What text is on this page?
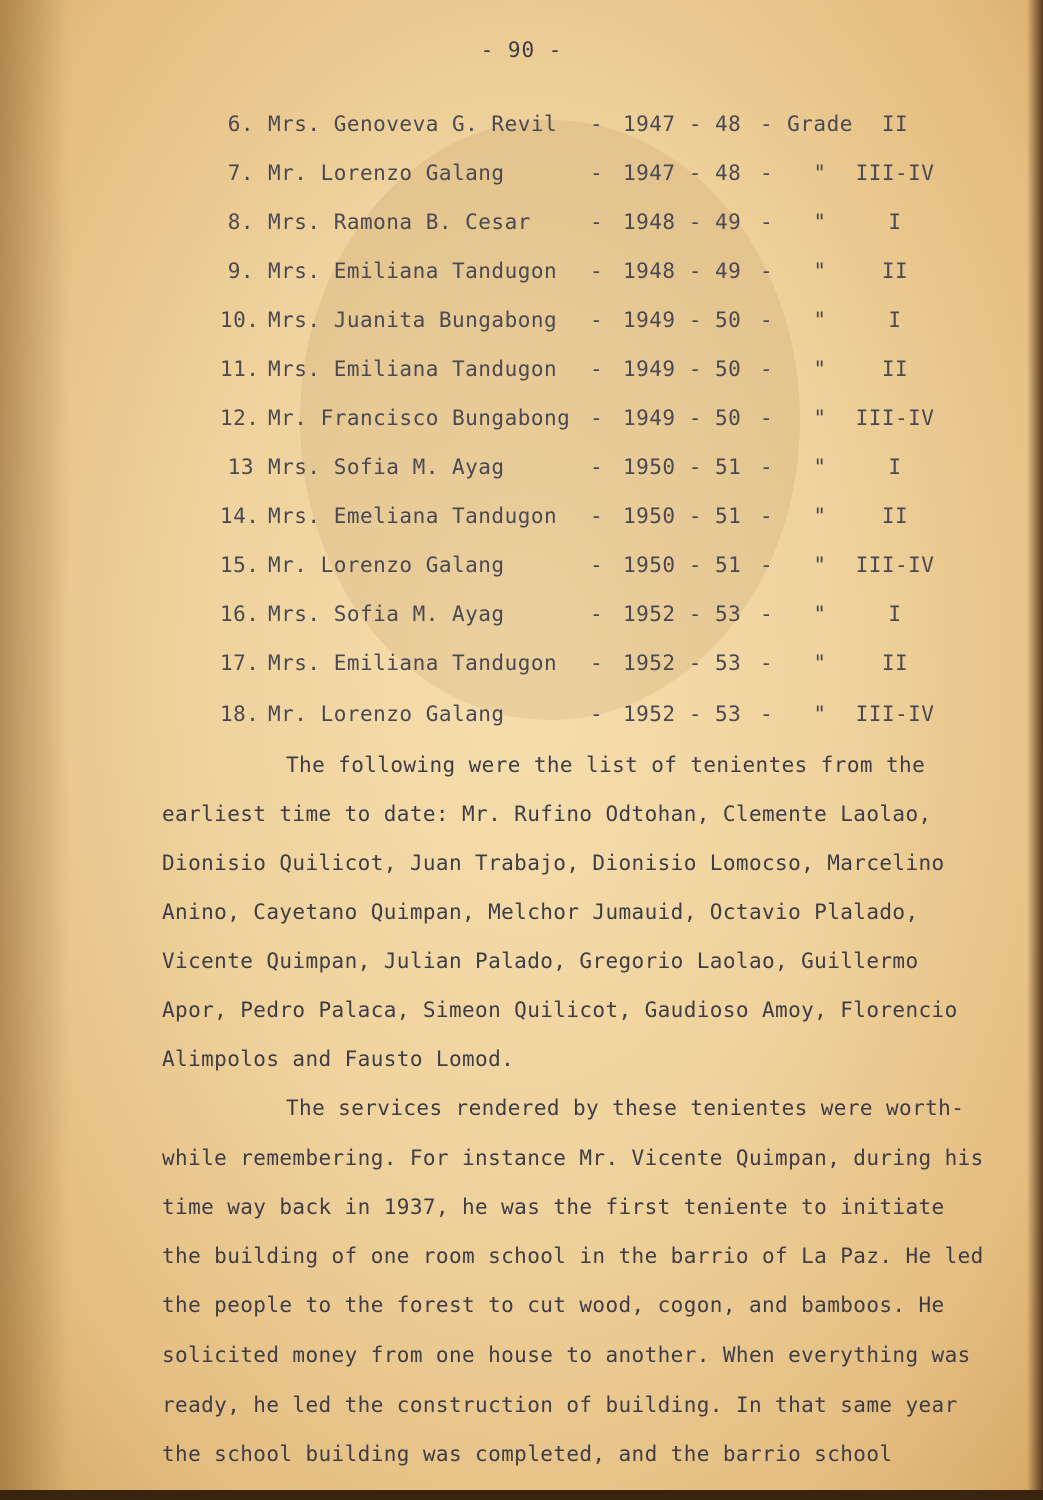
- 90 -
6. Mrs. Genoveva G. Revil - 1947 - 48 - Grade	II
7. Mr. Lorenzo Galang	- 1947 - 48 -	"	III-IV
8. Mrs. Ramona B. Cesar	- 1948 - 49 -	"	I
9. Mrs. Emiliana Tandugon - 1948 - 49 -	"	II
10. Mrs. Juanita Bungabong - 1949 - 50 -	"	I
11. Mrs. Emiliana Tandugon - 1949 - 50 -	"	II
12. Mr. Francisco Bungabong - 1949 - 50 -	"	III-IV
13 Mrs. Sofia M. Ayag	- 1950 - 51 -	"	I
14. Mrs. Emeliana Tandugon - 1950 - 51 -	"	II
15. Mr. Lorenzo Galang	- 1950 - 51 -	"	III-IV
16. Mrs. Sofia M. Ayag	- 1952 - 53 -	"	I
17. Mrs. Emiliana Tandugon - 1952 - 53 -	"	II
18. Mr. Lorenzo Galang	- 1952 - 53 -	"	III-IV
The following were the list of tenientes from the
earliest time to date: Mr. Rufino Odtohan, Clemente Laolao,
Dionisio Quilicot, Juan Trabajo, Dionisio Lomocso, Marcelino
Anino, Cayetano Quimpan, Melchor Jumauid, Octavio Plalado,
Vicente Quimpan, Julian Palado, Gregorio Laolao, Guillermo
Apor, Pedro Palaca, Simeon Quilicot, Gaudioso Amoy, Florencio
Alimpolos and Fausto Lomod.
The services rendered by these tenientes were worth-
while remembering. For instance Mr. Vicente Quimpan, during his
time way back in 1937, he was the first teniente to initiate
the building of one room school in the barrio of La Paz. He led
the people to the forest to cut wood, cogon, and bamboos. He
solicited money from one house to another. When everything was
ready, he led the construction of building. In that same year
the school building was completed, and the barrio school
